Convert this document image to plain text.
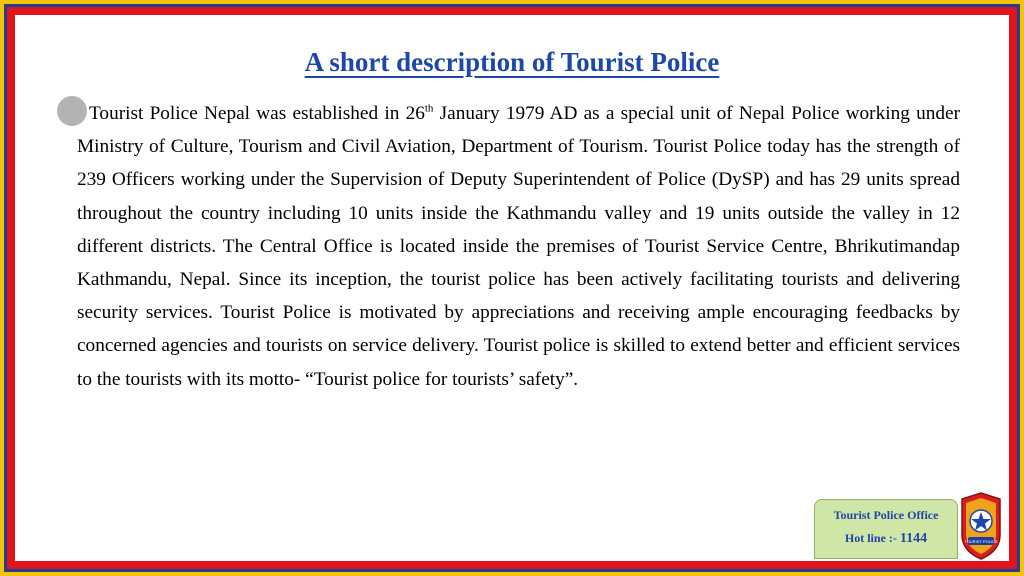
A short description of Tourist Police
Tourist Police Nepal was established in 26th January 1979 AD as a special unit of Nepal Police working under Ministry of Culture, Tourism and Civil Aviation, Department of Tourism. Tourist Police today has the strength of 239 Officers working under the Supervision of Deputy Superintendent of Police (DySP) and has 29 units spread throughout the country including 10 units inside the Kathmandu valley and 19 units outside the valley in 12 different districts. The Central Office is located inside the premises of Tourist Service Centre, Bhrikutimandap Kathmandu, Nepal. Since its inception, the tourist police has been actively facilitating tourists and delivering security services. Tourist Police is motivated by appreciations and receiving ample encouraging feedbacks by concerned agencies and tourists on service delivery. Tourist police is skilled to extend better and efficient services to the tourists with its motto- “Tourist police for tourists’ safety”.
Tourist Police Office
Hot line :- 1144	TOURIST POLICE
